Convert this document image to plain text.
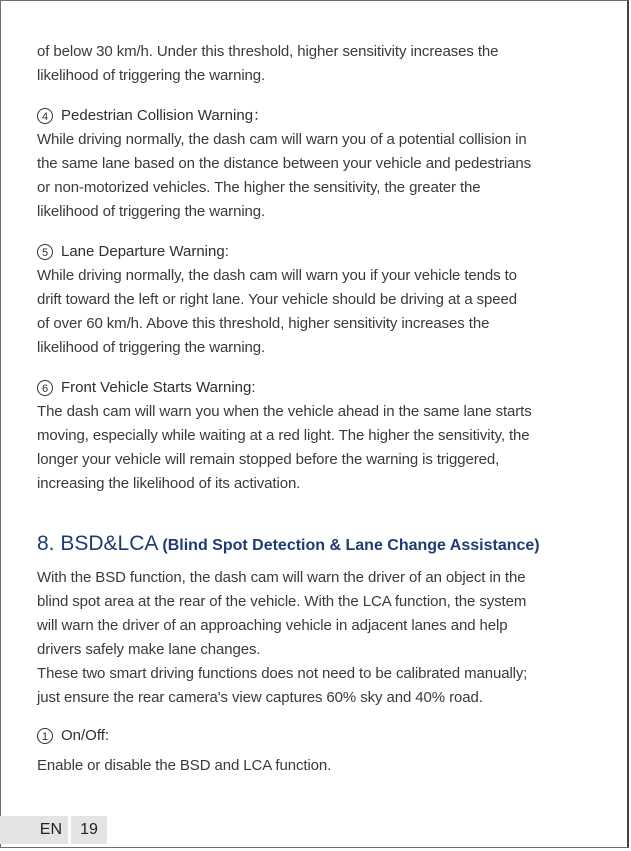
of below 30 km/h. Under this threshold, higher sensitivity increases the

likelihood of triggering the warning.

4 Pedestrian Collision Warning：

While driving normally, the dash cam will warn you of a potential collision in

the same lane based on the distance between your vehicle and pedestrians

or non-motorized vehicles. The higher the sensitivity, the greater the

likelihood of triggering the warning.

5 Lane Departure Warning:

While driving normally, the dash cam will warn you if your vehicle tends to

drift toward the left or right lane. Your vehicle should be driving at a speed

of over 60 km/h. Above this threshold, higher sensitivity increases the

likelihood of triggering the warning.

6 Front Vehicle Starts Warning:

The dash cam will warn you when the vehicle ahead in the same lane starts

moving, especially while waiting at a red light. The higher the sensitivity, the

longer your vehicle will remain stopped before the warning is triggered,

increasing the likelihood of its activation.

8. BSD&LCA (Blind Spot Detection & Lane Change Assistance)

With the BSD function, the dash cam will warn the driver of an object in the

blind spot area at the rear of the vehicle. With the LCA function, the system

will warn the driver of an approaching vehicle in adjacent lanes and help

drivers safely make lane changes.

These two smart driving functions does not need to be calibrated manually;

just ensure the rear camera's view captures 60% sky and 40% road.

1 On/Off:

Enable or disable the BSD and LCA function.

EN	19
